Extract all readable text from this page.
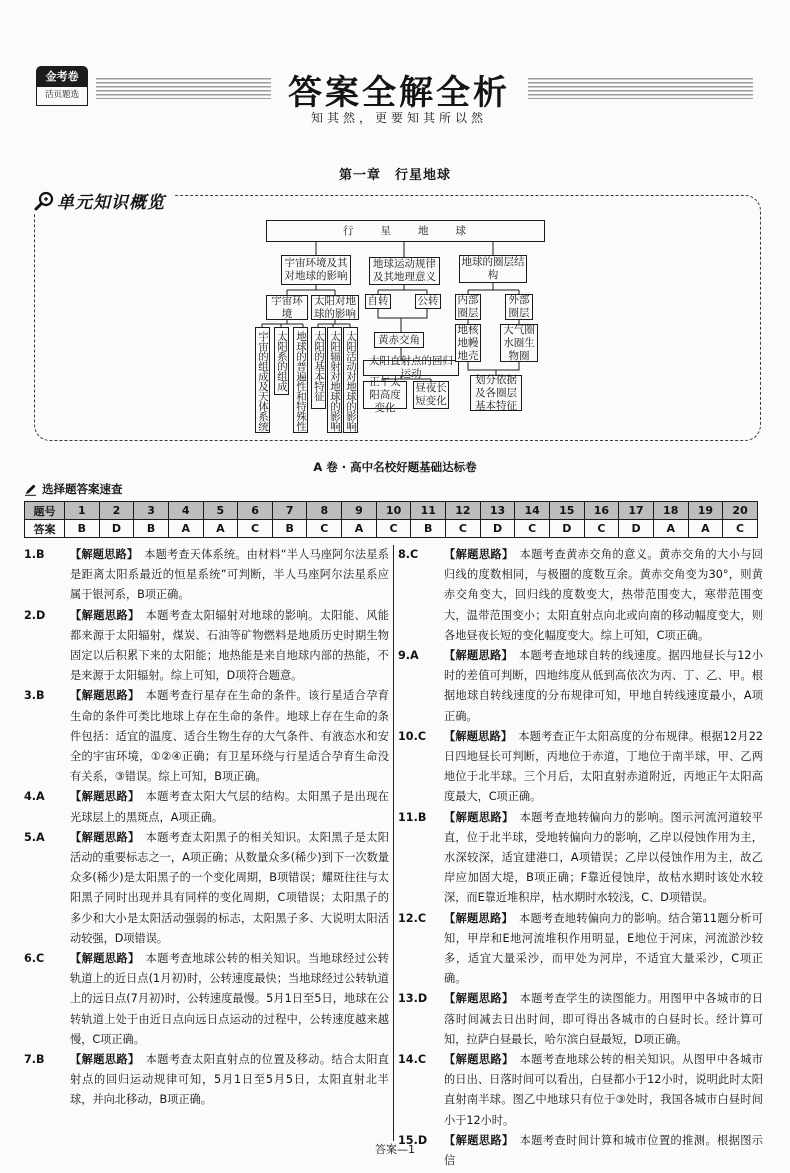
金考卷
活页题选	答案全解全析
知其然，更要知其所以然
第一章　行星地球
单元知识概览
行　　星　　地　　球
宇宙环境及其对地球的影响
地球运动规律及其地理意义
地球的圈层结构
宇宙环境
太阳对地球的影响
宇宙的组成及天体系统 太阳系的组成 地球的普遍性和特殊性 太阳的基本特征 太阳辐射对地球的影响 太阳活动对地球的影响
自转	公转
黄赤交角
太阳直射点的回归运动
正午太阳高度变化
昼夜长短变化
内部圈层
外部圈层
地核地幔地壳
大气圈水圈生物圈
划分依据及各圈层基本特征
A 卷 · 高中名校好题基础达标卷
选择题答案速查
题号	1	2	3	4	5	6	7	8	9	10	11	12	13	14	15	16	17	18	19	20
答案	B	D	B	A	A	C	B	C	A	C	B	C	D	C	D	C	D	A	A	C
1.B 【解题思路】 本题考查天体系统。由材料“半人马座阿尔法星系是距离太阳系最近的恒星系统”可判断，半人马座阿尔法星系应属于银河系，B项正确。
2.D 【解题思路】 本题考查太阳辐射对地球的影响。太阳能、风能都来源于太阳辐射，煤炭、石油等矿物燃料是地质历史时期生物固定以后积累下来的太阳能；地热能是来自地球内部的热能，不是来源于太阳辐射。综上可知，D项符合题意。
3.B 【解题思路】 本题考查行星存在生命的条件。该行星适合孕育生命的条件可类比地球上存在生命的条件。地球上存在生命的条件包括：适宜的温度、适合生物生存的大气条件、有液态水和安全的宇宙环境，①②④正确；有卫星环绕与行星适合孕育生命没有关系，③错误。综上可知，B项正确。
4.A 【解题思路】 本题考查太阳大气层的结构。太阳黑子是出现在光球层上的黑斑点，A项正确。
5.A 【解题思路】 本题考查太阳黑子的相关知识。太阳黑子是太阳活动的重要标志之一，A项正确；从数量众多(稀少)到下一次数量众多(稀少)是太阳黑子的一个变化周期，B项错误；耀斑往往与太阳黑子同时出现并具有同样的变化周期，C项错误；太阳黑子的多少和大小是太阳活动强弱的标志，太阳黑子多、大说明太阳活动较强，D项错误。
6.C 【解题思路】 本题考查地球公转的相关知识。当地球经过公转轨道上的近日点(1月初)时，公转速度最快；当地球经过公转轨道上的远日点(7月初)时，公转速度最慢。5月1日至5日，地球在公转轨道上处于由近日点向远日点运动的过程中，公转速度越来越慢，C项正确。
7.B 【解题思路】 本题考查太阳直射点的位置及移动。结合太阳直射点的回归运动规律可知，5月1日至5月5日，太阳直射北半球，并向北移动，B项正确。
8.C 【解题思路】 本题考查黄赤交角的意义。黄赤交角的大小与回归线的度数相同，与极圈的度数互余。黄赤交角变为30°，则黄赤交角变大，回归线的度数变大，热带范围变大，寒带范围变大，温带范围变小；太阳直射点向北或向南的移动幅度变大，则各地昼夜长短的变化幅度变大。综上可知，C项正确。
9.A 【解题思路】 本题考查地球自转的线速度。据四地昼长与12小时的差值可判断，四地纬度从低到高依次为丙、丁、乙、甲。根据地球自转线速度的分布规律可知，甲地自转线速度最小，A项正确。
10.C 【解题思路】 本题考查正午太阳高度的分布规律。根据12月22日四地昼长可判断，丙地位于赤道，丁地位于南半球，甲、乙两地位于北半球。三个月后，太阳直射赤道附近，丙地正午太阳高度最大，C项正确。
11.B 【解题思路】 本题考查地转偏向力的影响。图示河流河道较平直，位于北半球，受地转偏向力的影响，乙岸以侵蚀作用为主，水深较深，适宜建港口，A项错误；乙岸以侵蚀作用为主，故乙岸应加固大堤，B项正确；F靠近侵蚀岸，故枯水期时该处水较深，而E靠近堆积岸，枯水期时水较浅，C、D项错误。
12.C 【解题思路】 本题考查地转偏向力的影响。结合第11题分析可知，甲岸和E地河流堆积作用明显，E地位于河床，河流淤沙较多，适宜大量采沙，而甲处为河岸，不适宜大量采沙，C项正确。
13.D 【解题思路】 本题考查学生的读图能力。用图甲中各城市的日落时间减去日出时间，即可得出各城市的白昼时长。经计算可知，拉萨白昼最长，哈尔滨白昼最短，D项正确。
14.C 【解题思路】 本题考查地球公转的相关知识。从图甲中各城市的日出、日落时间可以看出，白昼都小于12小时，说明此时太阳直射南半球。图乙中地球只有位于③处时，我国各城市白昼时间小于12小时。
15.D 【解题思路】 本题考查时间计算和城市位置的推测。根据图示信
答案—1
